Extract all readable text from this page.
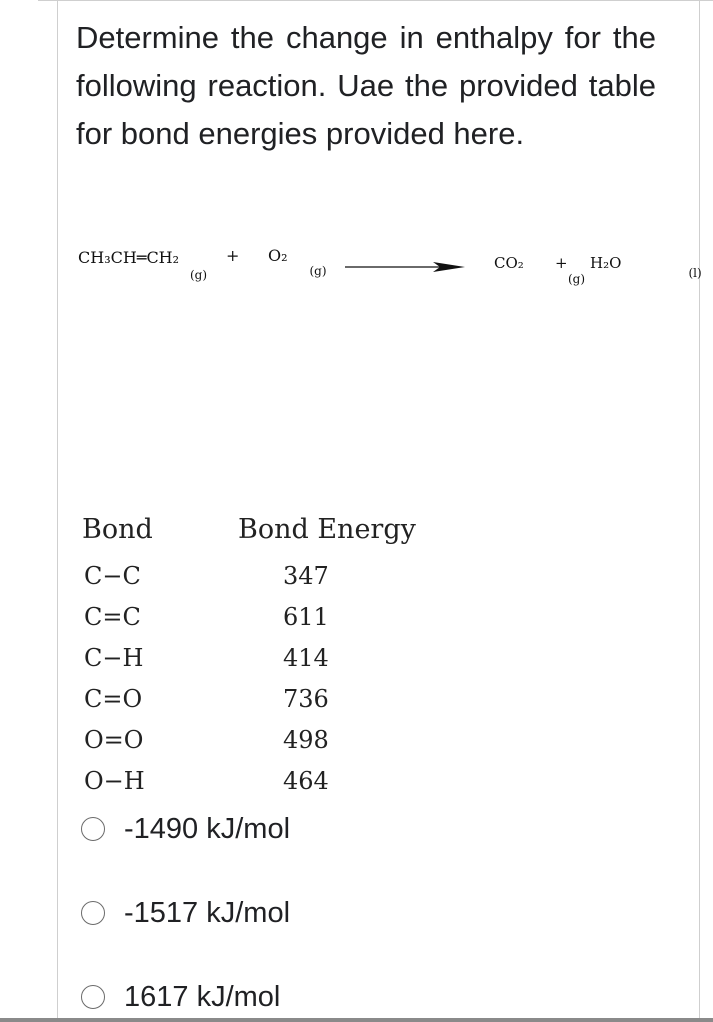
Determine the change in enthalpy for the following reaction. Uae the provided table for bond energies provided here.

CH₃CH═CH₂
$_{(g)}$
+ O₂
$_{(g)}$	CO₂
$_{(g)}$
+ H₂O
$_{(l)}$
Bond	Bond Energy
C−C	347
C=C	611
C−H	414
C=O	736
O=O	498
O−H	464
-1490 kJ/mol
-1517 kJ/mol
1617 kJ/mol
